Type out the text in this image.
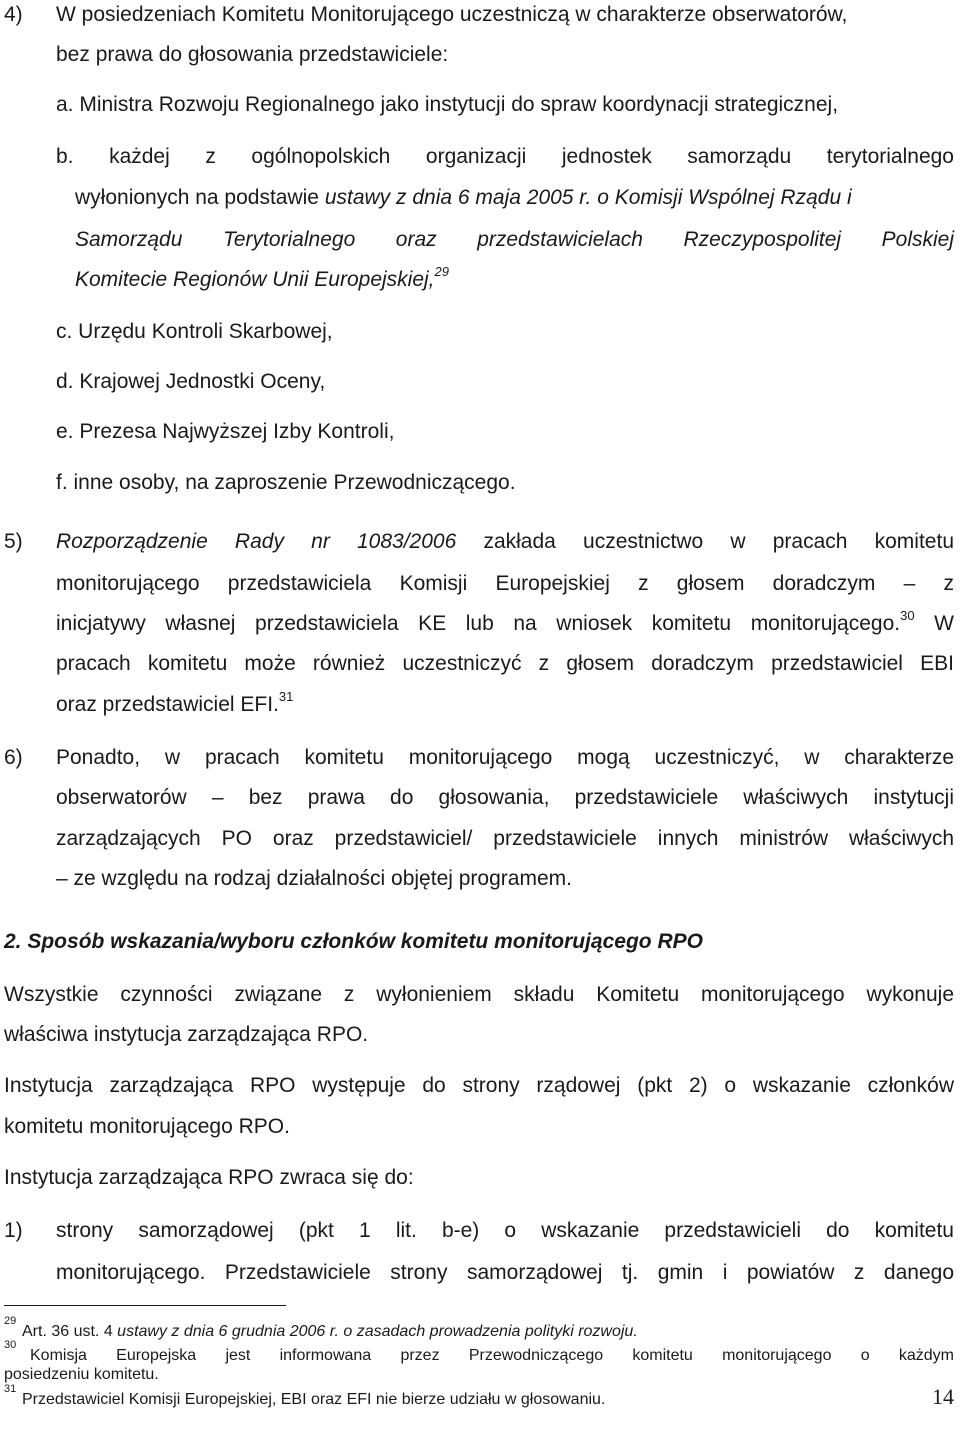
4) W posiedzeniach Komitetu Monitorującego uczestniczą w charakterze obserwatorów,
bez prawa do głosowania przedstawiciele:
a. Ministra Rozwoju Regionalnego jako instytucji do spraw koordynacji strategicznej,
b. każdej z ogólnopolskich organizacji jednostek samorządu terytorialnego
wyłonionych na podstawie ustawy z dnia 6 maja 2005 r. o Komisji Wspólnej Rządu i
Samorządu Terytorialnego oraz przedstawicielach Rzeczypospolitej Polskiej
Komitecie Regionów Unii Europejskiej,$^{29}$
c. Urzędu Kontroli Skarbowej,
d. Krajowej Jednostki Oceny,
e. Prezesa Najwyższej Izby Kontroli,
f. inne osoby, na zaproszenie Przewodniczącego.
5) Rozporządzenie Rady nr 1083/2006 zakłada uczestnictwo w pracach komitetu
monitorującego przedstawiciela Komisji Europejskiej z głosem doradczym – z
inicjatywy własnej przedstawiciela KE lub na wniosek komitetu monitorującego.$^{30}$ W
pracach komitetu może również uczestniczyć z głosem doradczym przedstawiciel EBI
oraz przedstawiciel EFI.$^{31}$
6) Ponadto, w pracach komitetu monitorującego mogą uczestniczyć, w charakterze
obserwatorów – bez prawa do głosowania, przedstawiciele właściwych instytucji
zarządzających PO oraz przedstawiciel/ przedstawiciele innych ministrów właściwych
– ze względu na rodzaj działalności objętej programem.
2. Sposób wskazania/wyboru członków komitetu monitorującego RPO
Wszystkie czynności związane z wyłonieniem składu Komitetu monitorującego wykonuje
właściwa instytucja zarządzająca RPO.
Instytucja zarządzająca RPO występuje do strony rządowej (pkt 2) o wskazanie członków
komitetu monitorującego RPO.
Instytucja zarządzająca RPO zwraca się do:
1) strony samorządowej (pkt 1 lit. b-e) o wskazanie przedstawicieli do komitetu
monitorującego. Przedstawiciele strony samorządowej tj. gmin i powiatów z danego
29
Art. 36 ust. 4 ustawy z dnia 6 grudnia 2006 r. o zasadach prowadzenia polityki rozwoju.
30
Komisja Europejska jest informowana przez Przewodniczącego komitetu monitorującego o każdym
posiedzeniu komitetu.
31
Przedstawiciel Komisji Europejskiej, EBI oraz EFI nie bierze udziału w głosowaniu.	14
